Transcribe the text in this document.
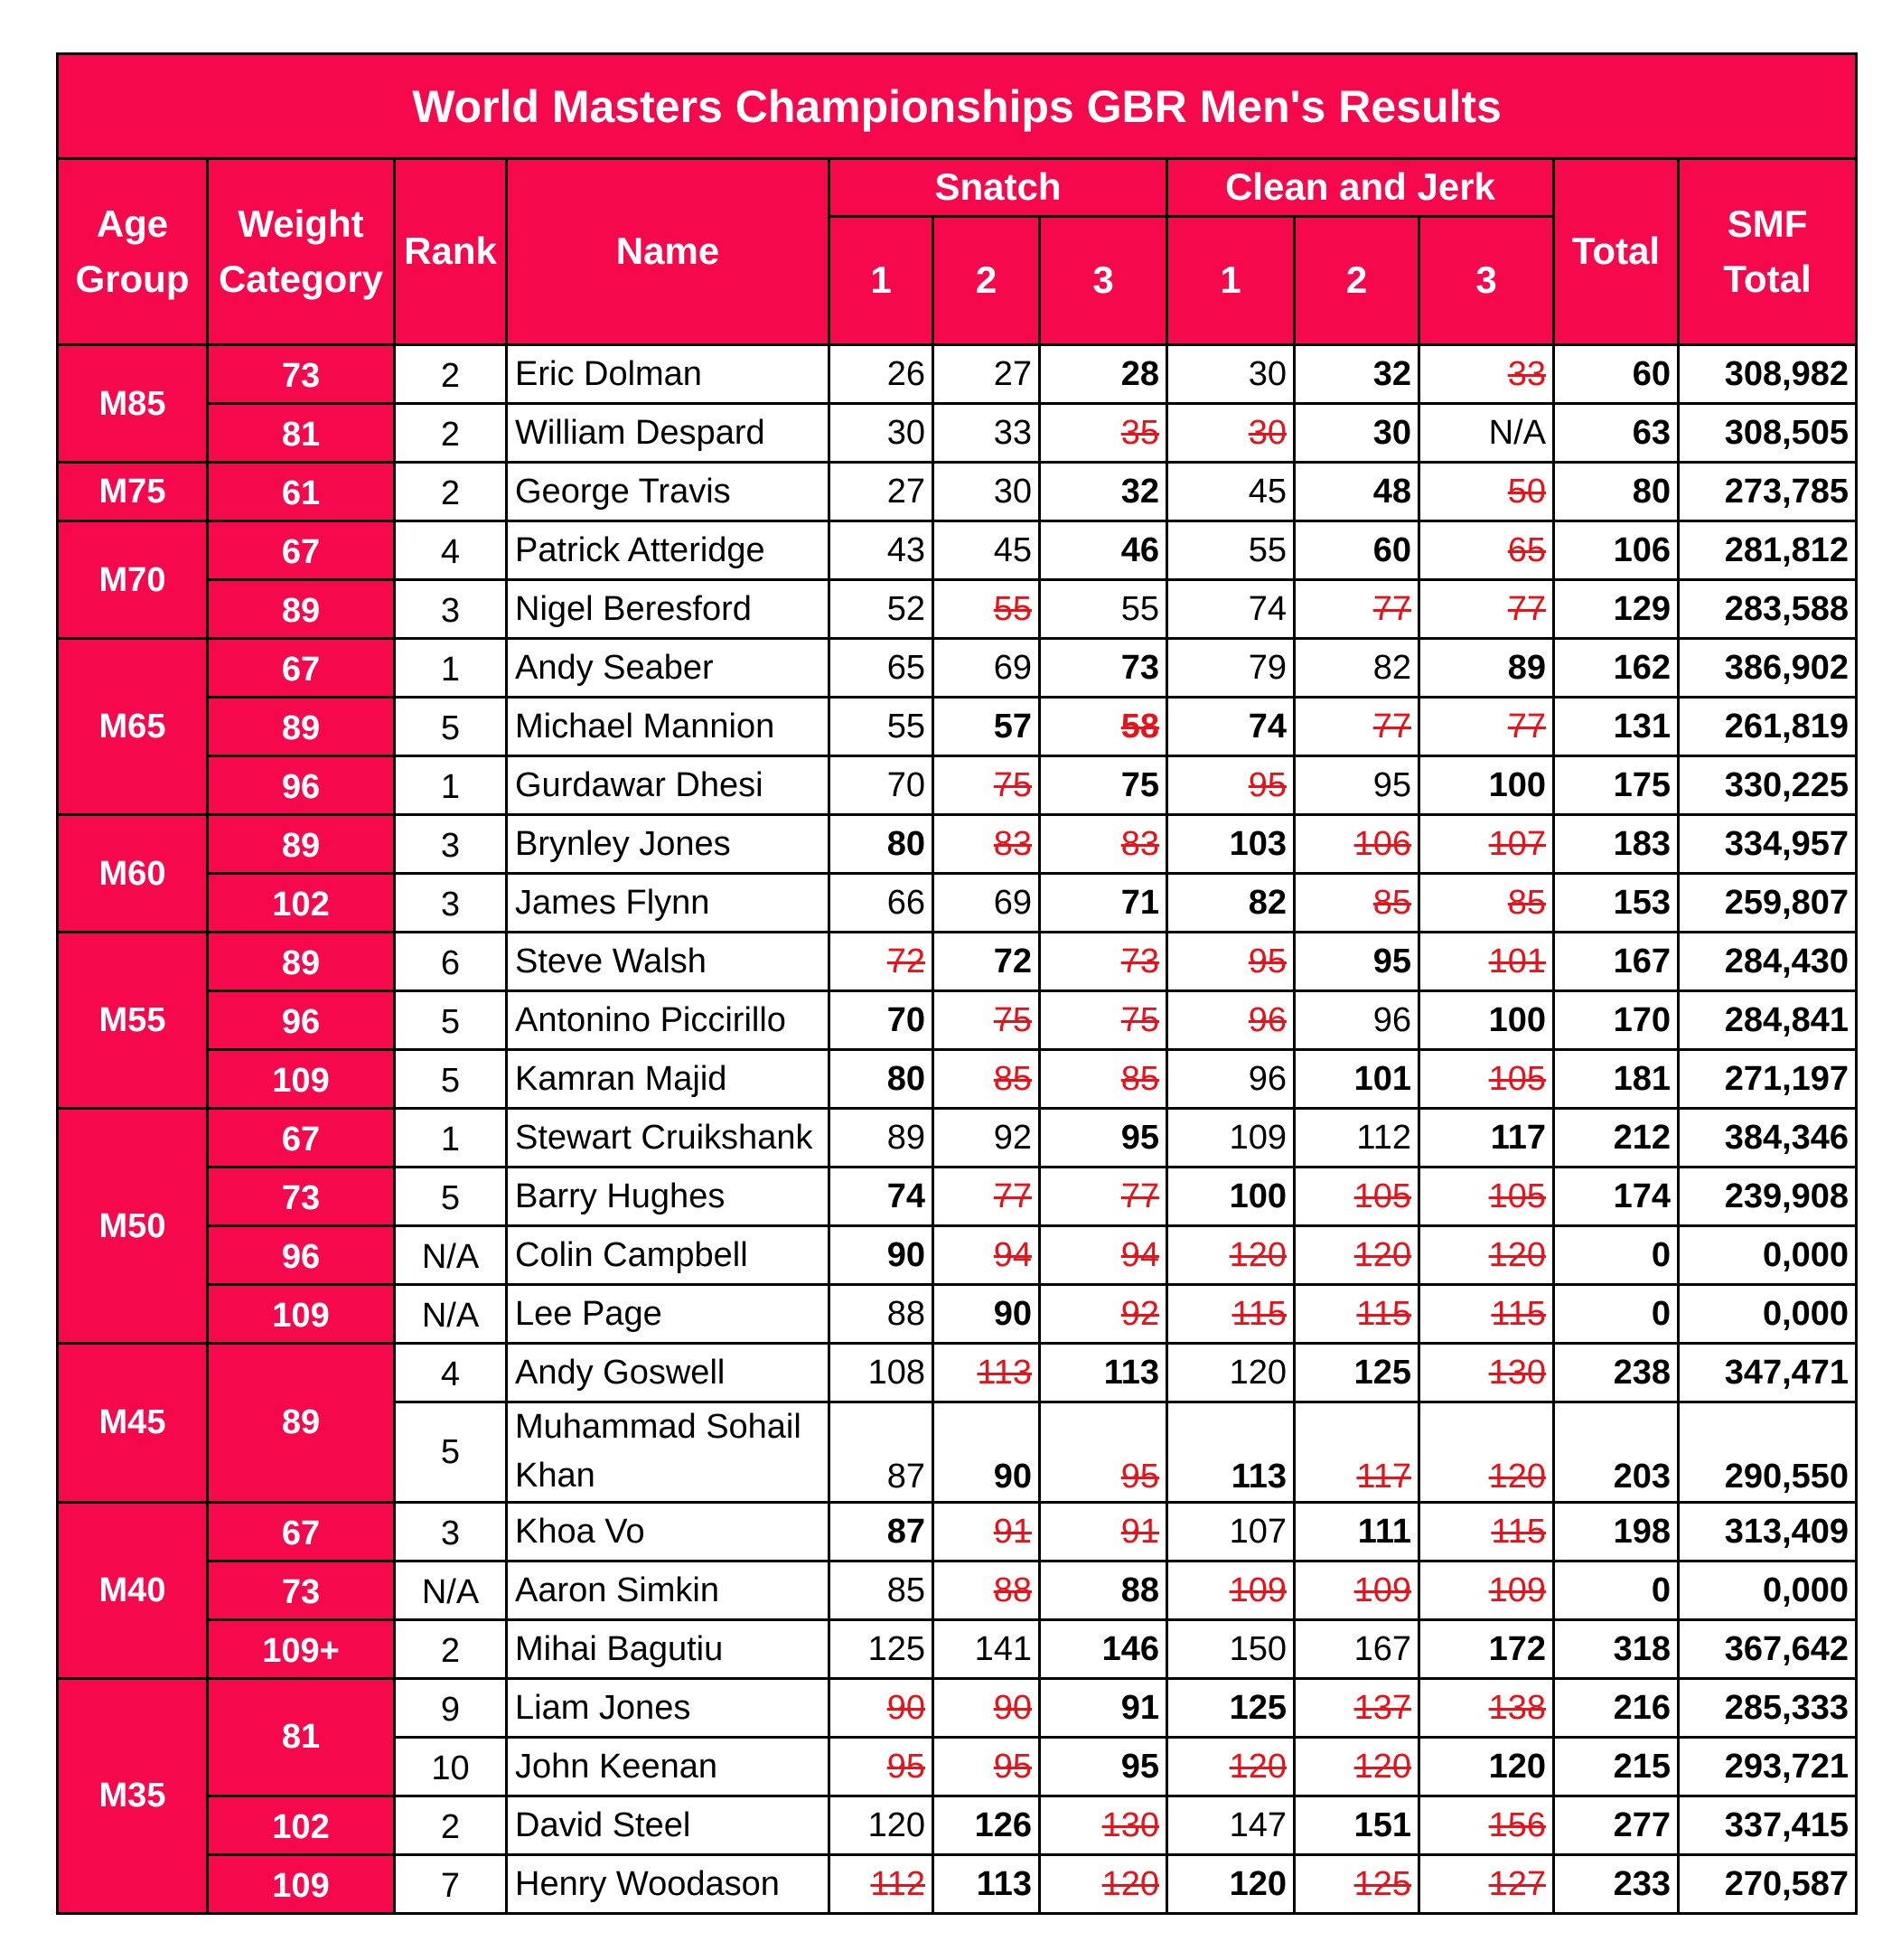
World Masters Championships GBR Men's Results											
Age Group	Weight Category	Rank	Name	Snatch			Clean and Jerk			Total	SMF Total
				1	2	3	1	2	3		
M85	73	2	Eric Dolman	26	27	28	30	32	33	60	308,982
	81	2	William Despard	30	33	35	30	30	N/A	63	308,505
M75	61	2	George Travis	27	30	32	45	48	50	80	273,785
M70	67	4	Patrick Atteridge	43	45	46	55	60	65	106	281,812
	89	3	Nigel Beresford	52	55	55	74	77	77	129	283,588
M65	67	1	Andy Seaber	65	69	73	79	82	89	162	386,902
	89	5	Michael Mannion	55	57	58	74	77	77	131	261,819
	96	1	Gurdawar Dhesi	70	75	75	95	95	100	175	330,225
M60	89	3	Brynley Jones	80	83	83	103	106	107	183	334,957
	102	3	James Flynn	66	69	71	82	85	85	153	259,807
M55	89	6	Steve Walsh	72	72	73	95	95	101	167	284,430
	96	5	Antonino Piccirillo	70	75	75	96	96	100	170	284,841
	109	5	Kamran Majid	80	85	85	96	101	105	181	271,197
M50	67	1	Stewart Cruikshank	89	92	95	109	112	117	212	384,346
	73	5	Barry Hughes	74	77	77	100	105	105	174	239,908
	96	N/A	Colin Campbell	90	94	94	120	120	120	0	0,000
	109	N/A	Lee Page	88	90	92	115	115	115	0	0,000
M45	89	4	Andy Goswell	108	113	113	120	125	130	238	347,471
		5	Muhammad Sohail Khan	87	90	95	113	117	120	203	290,550
M40	67	3	Khoa Vo	87	91	91	107	111	115	198	313,409
	73	N/A	Aaron Simkin	85	88	88	109	109	109	0	0,000
	109+	2	Mihai Bagutiu	125	141	146	150	167	172	318	367,642
M35	81	9	Liam Jones	90	90	91	125	137	138	216	285,333
		10	John Keenan	95	95	95	120	120	120	215	293,721
	102	2	David Steel	120	126	130	147	151	156	277	337,415
	109	7	Henry Woodason	112	113	120	120	125	127	233	270,587
